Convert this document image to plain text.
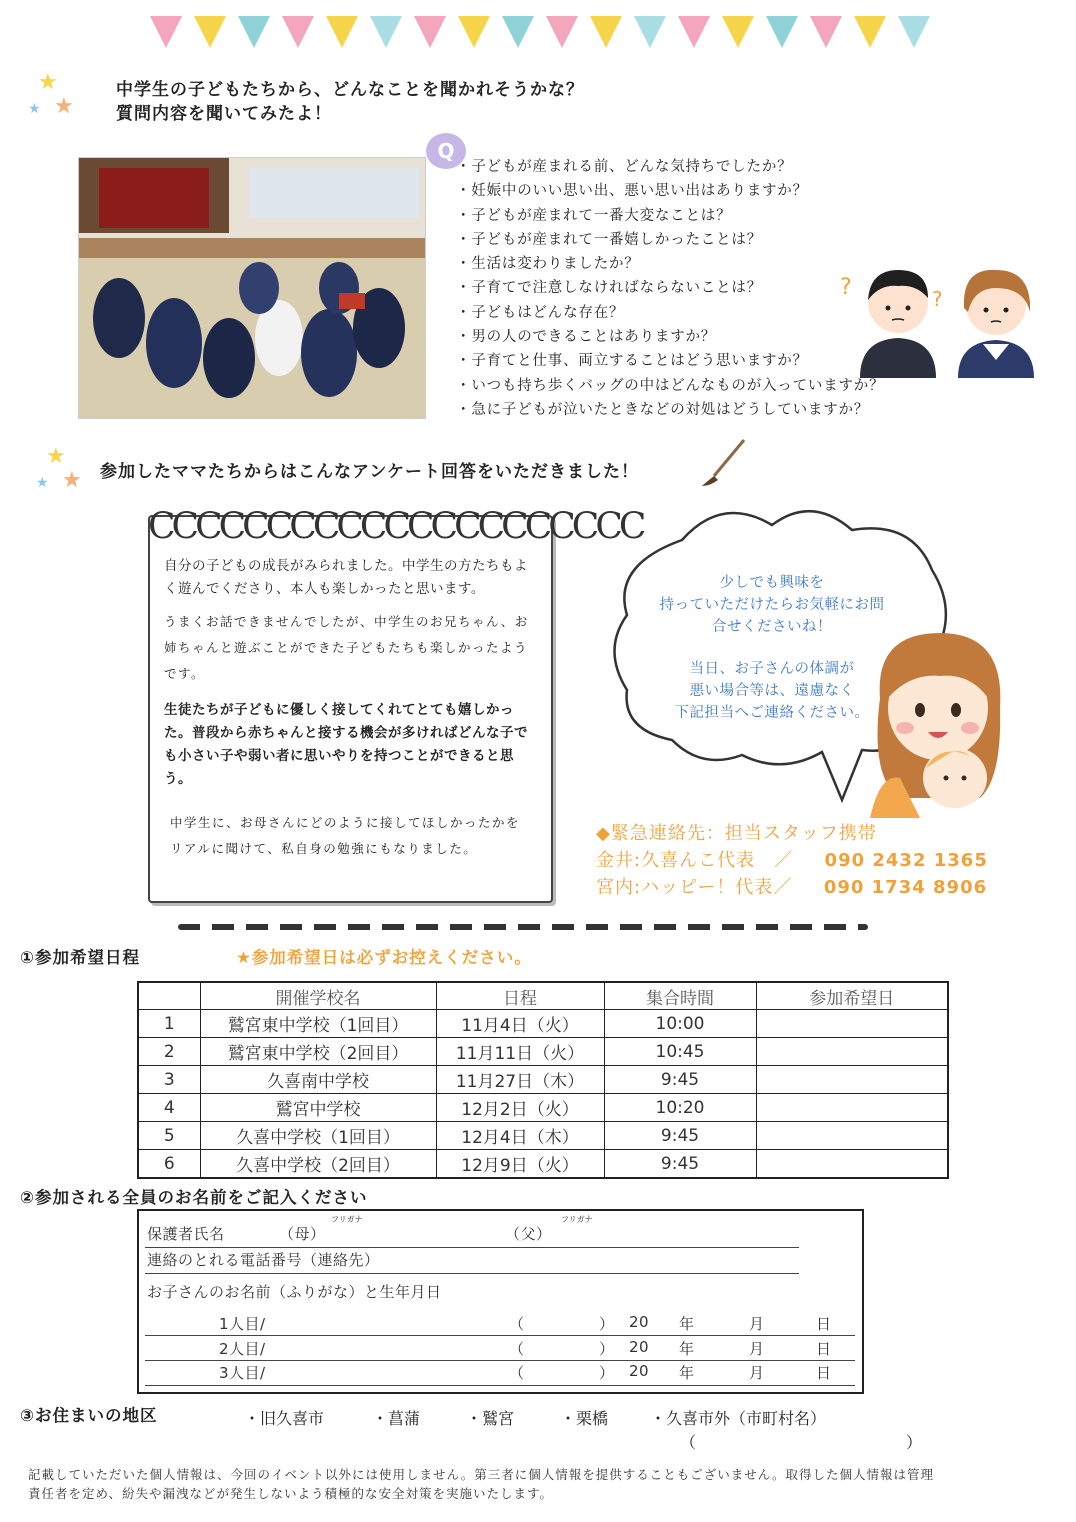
★
★ ★
中学生の子どもたちから、どんなことを聞かれそうかな？
質問内容を聞いてみたよ！
Q
・ 子どもが産まれる前、どんな気持ちでしたか？
・ 妊娠中のいい思い出、悪い思い出はありますか？
・ 子どもが産まれて一番大変なことは？
・ 子どもが産まれて一番嬉しかったことは？
・ 生活は変わりましたか？
・ 子育てで注意しなければならないことは？
・ 子どもはどんな存在？
・ 男の人のできることはありますか？
・ 子育てと仕事、両立することはどう思いますか？
・ いつも持ち歩くバッグの中はどんなものが入っていますか？
・ 急に子どもが泣いたときなどの対処はどうしていますか？
?	?
★
★ ★ 参加したママたちからはこんなアンケート回答をいただきました！
自分の子どもの成長がみられました。中学生の方たちもよく遊んでくださり、本人も楽しかったと思います。
うまくお話できませんでしたが、中学生のお兄ちゃん、お姉ちゃんと遊ぶことができた子どもたちも楽しかったようです。
生徒たちが子どもに優しく接してくれてとても嬉しかった。普段から赤ちゃんと接する機会が多ければどんな子でも小さい子や弱い者に思いやりを持つことができると思う。
中学生に、お母さんにどのように接してほしかったかをリアルに聞けて、私自身の勉強にもなりました。
ССССССССССССССССССССС
少しでも興味を
持っていただけたらお気軽にお問
合せくださいね！
当日、お子さんの体調が
悪い場合等は、遠慮なく
下記担当へご連絡ください。
◆緊急連絡先：担当スタッフ携帯
金井:久喜んこ代表　／ 090 2432 1365
宮内:ハッピー！代表／ 090 1734 8906
①参加希望日程	★参加希望日は必ずお控えください。
	開催学校名	日程	集合時間	参加希望日
1	鷲宮東中学校（1回目）	11月4日（火）	10:00	
2	鷲宮東中学校（2回目）	11月11日（火）	10:45	
3	久喜南中学校	11月27日（木）	9:45	
4	鷲宮中学校	12月2日（火）	10:20	
5	久喜中学校（1回目）	12月4日（木）	9:45	
6	久喜中学校（2回目）	12月9日（火）	9:45	
②参加される全員のお名前をご記入ください
保護者氏名	（母）
フリガナ
（父）
フリガナ
連絡のとれる電話番号（連絡先）
お子さんのお名前（ふりがな）と生年月日
1人目/	（	） 20 年	月	日
2人目/	（	） 20 年	月	日
3人目/	（	） 20 年	月	日
③お住まいの地区	・旧久喜市	・菖蒲	・鷲宮	・栗橋	・久喜市外（市町村名）
（	）
記載していただいた個人情報は、今回のイベント以外には使用しません。第三者に個人情報を提供することもございません。取得した個人情報は管理
責任者を定め、紛失や漏洩などが発生しないよう積極的な安全対策を実施いたします。
